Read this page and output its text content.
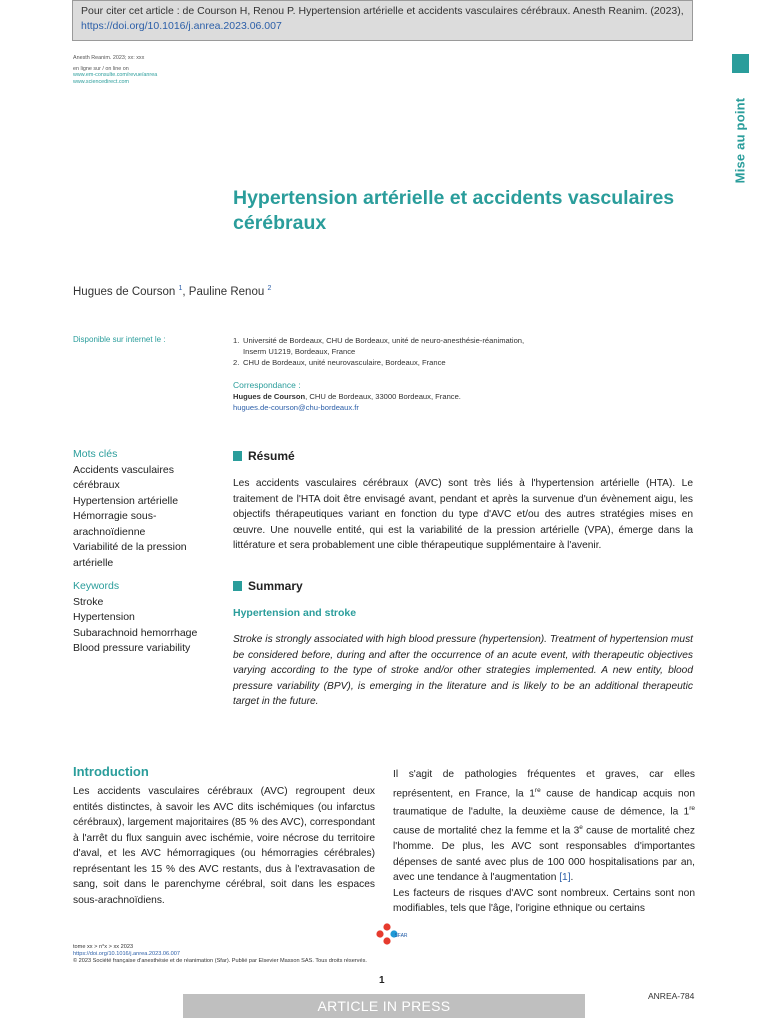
Pour citer cet article : de Courson H, Renou P. Hypertension artérielle et accidents vasculaires cérébraux. Anesth Reanim. (2023),
https://doi.org/10.1016/j.anrea.2023.06.007
Anesth Reanim. 2023; xx: xxx
en ligne sur / on line on
www.em-consulte.com/revue/anrea
www.sciencedirect.com
Mise au point
Hypertension artérielle et accidents vasculaires cérébraux
Hugues de Courson $^1$, Pauline Renou $^2$
Disponible sur internet le :	1. Université de Bordeaux, CHU de Bordeaux, unité de neuro-anesthésie-réanimation, Inserm U1219, Bordeaux, France
2. CHU de Bordeaux, unité neurovasculaire, Bordeaux, France
Correspondance :
Hugues de Courson, CHU de Bordeaux, 33000 Bordeaux, France.
hugues.de-courson@chu-bordeaux.fr
Mots clés
Accidents vasculaires cérébraux
Hypertension artérielle
Hémorragie sous-arachnoïdienne
Variabilité de la pression artérielle
Keywords
Stroke
Hypertension
Subarachnoid hemorrhage
Blood pressure variability
Résumé

Les accidents vasculaires cérébraux (AVC) sont très liés à l'hypertension artérielle (HTA). Le traitement de l'HTA doit être envisagé avant, pendant et après la survenue d'un évènement aigu, les objectifs thérapeutiques variant en fonction du type d'AVC et/ou des autres stratégies mises en œuvre. Une nouvelle entité, qui est la variabilité de la pression artérielle (VPA), émerge dans la littérature et sera probablement une cible thérapeutique supplémentaire à l'avenir.

Summary
Hypertension and stroke

Stroke is strongly associated with high blood pressure (hypertension). Treatment of hypertension must be considered before, during and after the occurrence of an acute event, with therapeutic objectives varying according to the type of stroke and/or other strategies implemented. A new entity, blood pressure variability (BPV), is emerging in the literature and is likely to be an additional therapeutic target in the future.

Introduction

Les accidents vasculaires cérébraux (AVC) regroupent deux entités distinctes, à savoir les AVC dits ischémiques (ou infarctus cérébraux), largement majoritaires (85 % des AVC), correspondant à l'arrêt du flux sanguin avec ischémie, voire nécrose du territoire d'aval, et les AVC hémorragiques (ou hémorragies cérébrales) représentant les 15 % des AVC restants, dus à l'extravasation de sang, soit dans le parenchyme cérébral, soit dans les espaces sous-arachnoïdiens.

Il s'agit de pathologies fréquentes et graves, car elles représentent, en France, la 1re cause de handicap acquis non traumatique de l'adulte, la deuxième cause de démence, la 1re cause de mortalité chez la femme et la 3e cause de mortalité chez l'homme. De plus, les AVC sont responsables d'importantes dépenses de santé avec plus de 100 000 hospitalisations par an, avec une tendance à l'augmentation [1].

Les facteurs de risques d'AVC sont nombreux. Certains sont non modifiables, tels que l'âge, l'origine ethnique ou certains

SFAR
tome xx > n°x > xx 2023
https://doi.org/10.1016/j.anrea.2023.06.007
© 2023 Société française d'anesthésie et de réanimation (Sfar). Publié par Elsevier Masson SAS. Tous droits réservés.
1
ANREA-784
ARTICLE IN PRESS
